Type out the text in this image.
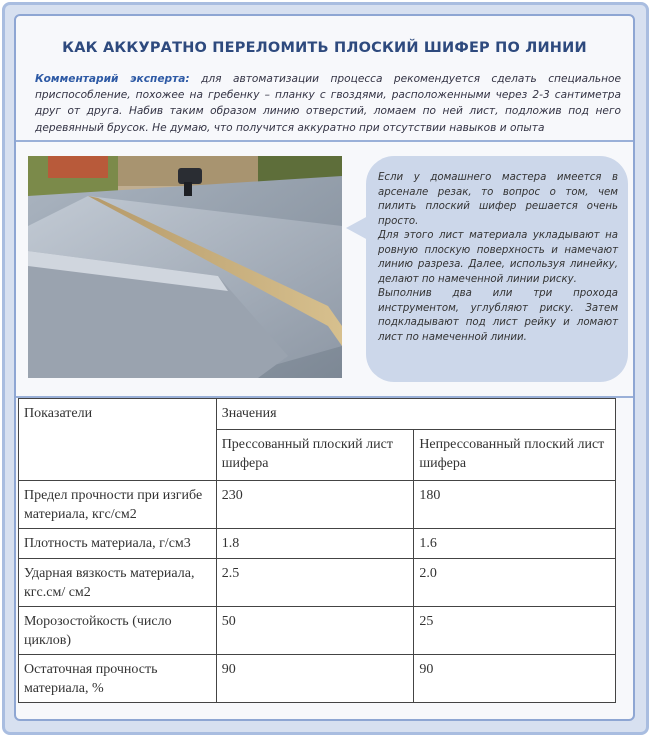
КАК АККУРАТНО ПЕРЕЛОМИТЬ ПЛОСКИЙ ШИФЕР ПО ЛИНИИ
Комментарий эксперта: для автоматизации процесса рекомендуется сделать специальное приспособление, похожее на гребенку – планку с гвоздями, расположенными через 2-3 сантиметра друг от друга. Набив таким образом линию отверстий, ломаем по ней лист, подложив под него деревянный брусок. Не думаю, что получится аккуратно при отсутствии навыков и опыта

Если у домашнего мастера имеется в арсенале резак, то вопрос о том, чем пилить плоский шифер решается очень просто.

Для этого лист материала укладывают на ровную плоскую поверхность и намечают линию разреза. Далее, используя линейку, делают по намеченной линии риску.

Выполнив два или три прохода инструментом, углубляют риску. Затем подкладывают под лист рейку и ломают лист по намеченной линии.

Показатели	Значения	
	Прессованный плоский лист шифера	Непрессованный плоский лист шифера
Предел прочности при изгибе материала, кгс/см2	230	180
Плотность материала, г/см3	1.8	1.6
Ударная вязкость материала, кгс.см/ см2	2.5	2.0
Морозостойкость (число циклов)	50	25
Остаточная прочность материала, %	90	90
